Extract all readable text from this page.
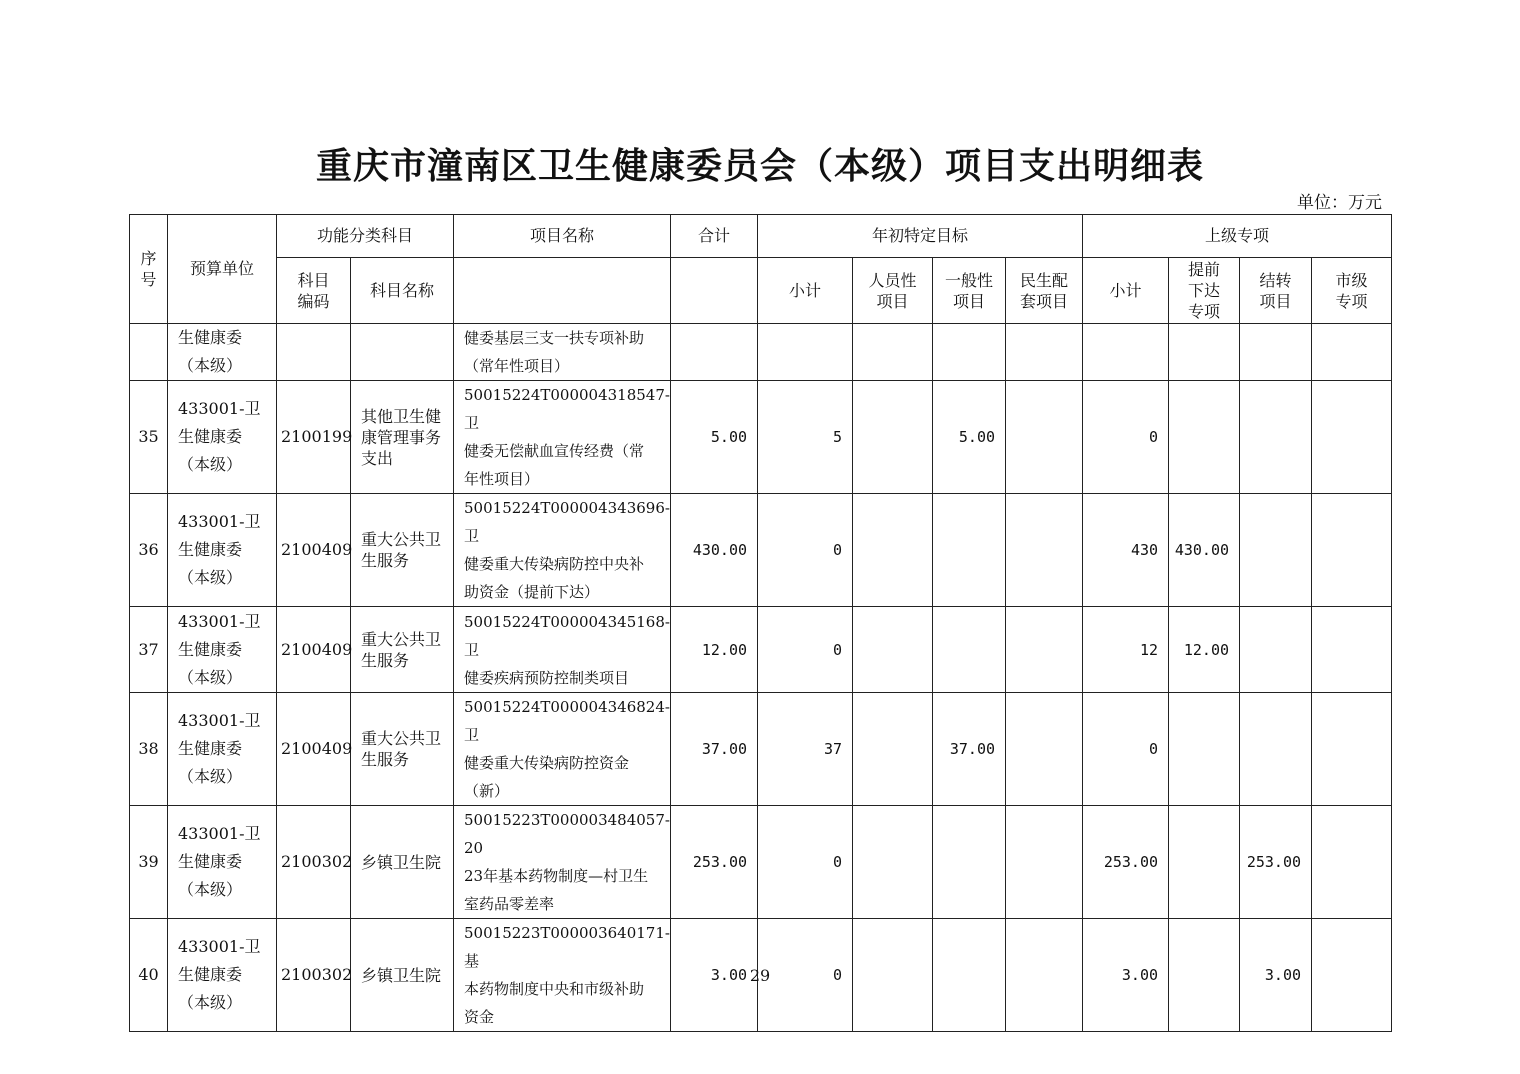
重庆市潼南区卫生健康委员会（本级）项目支出明细表
单位：万元
序号	预算单位	功能分类科目		项目名称	合计	年初特定目标				上级专项			
		科目编码	科目名称			小计	人员性项目	一般性项目	民生配套项目	小计	提前下达专项	结转项目	市级专项
	生健康委
（本级）			健委基层三支一扶专项补助
（常年性项目）									
35	433001-卫
生健康委
（本级）	2100199	其他卫生健康管理事务支出	50015224T000004318547-卫
健委无偿献血宣传经费（常
年性项目）	5.00	5		5.00		0			
36	433001-卫
生健康委
（本级）	2100409	重大公共卫生服务	50015224T000004343696-卫
健委重大传染病防控中央补
助资金（提前下达）	430.00	0				430	430.00		
37	433001-卫
生健康委
（本级）	2100409	重大公共卫生服务	50015224T000004345168-卫
健委疾病预防控制类项目	12.00	0				12	12.00		
38	433001-卫
生健康委
（本级）	2100409	重大公共卫生服务	50015224T000004346824-卫
健委重大传染病防控资金
（新）	37.00	37		37.00		0			
39	433001-卫
生健康委
（本级）	2100302	乡镇卫生院	50015223T000003484057-20
23年基本药物制度—村卫生
室药品零差率	253.00	0				253.00		253.00	
40	433001-卫
生健康委
（本级）	2100302	乡镇卫生院	50015223T000003640171-基
本药物制度中央和市级补助
资金	3.00	0				3.00		3.00	
29
